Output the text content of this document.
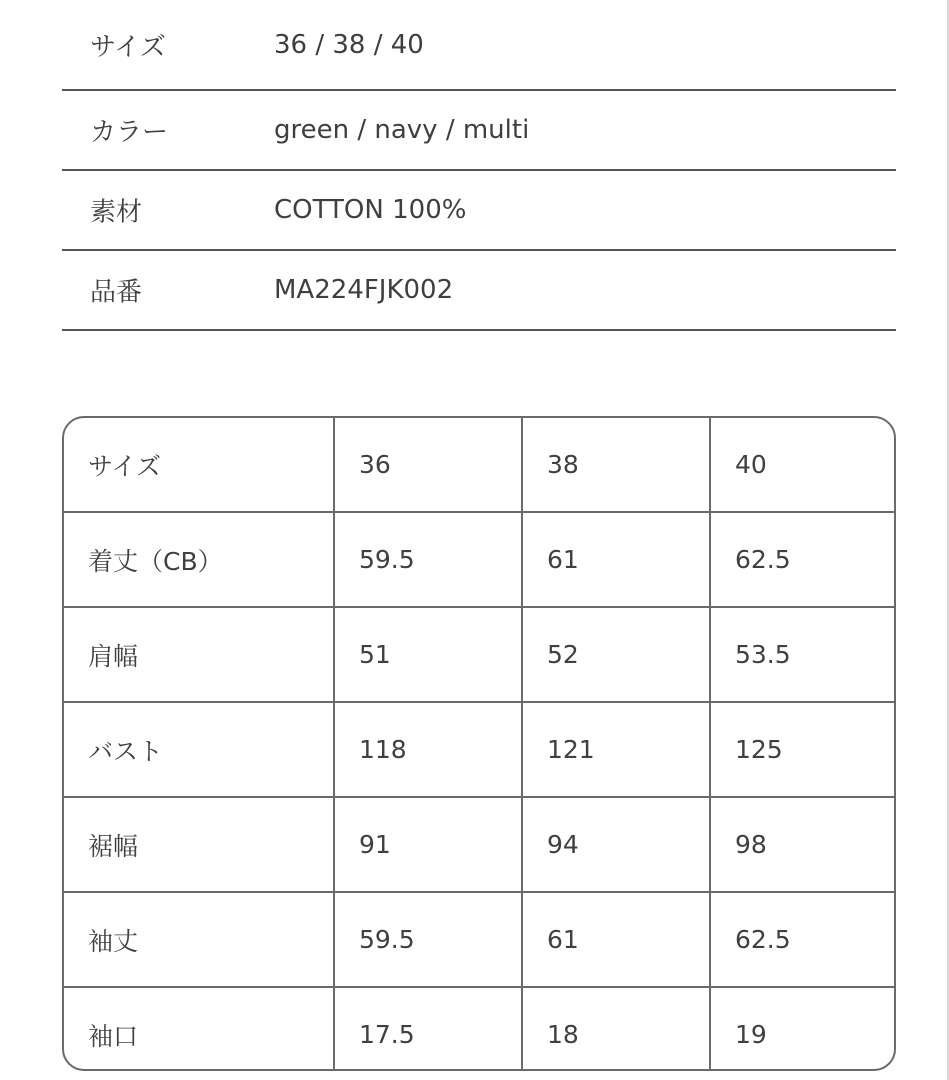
サイズ	36 / 38 / 40
カラー	green / navy / multi
素材	COTTON 100%
品番	MA224FJK002
サイズ	36	38	40
着丈（CB）	59.5	61	62.5
肩幅	51	52	53.5
バスト	118	121	125
裾幅	91	94	98
袖丈	59.5	61	62.5
袖口	17.5	18	19
